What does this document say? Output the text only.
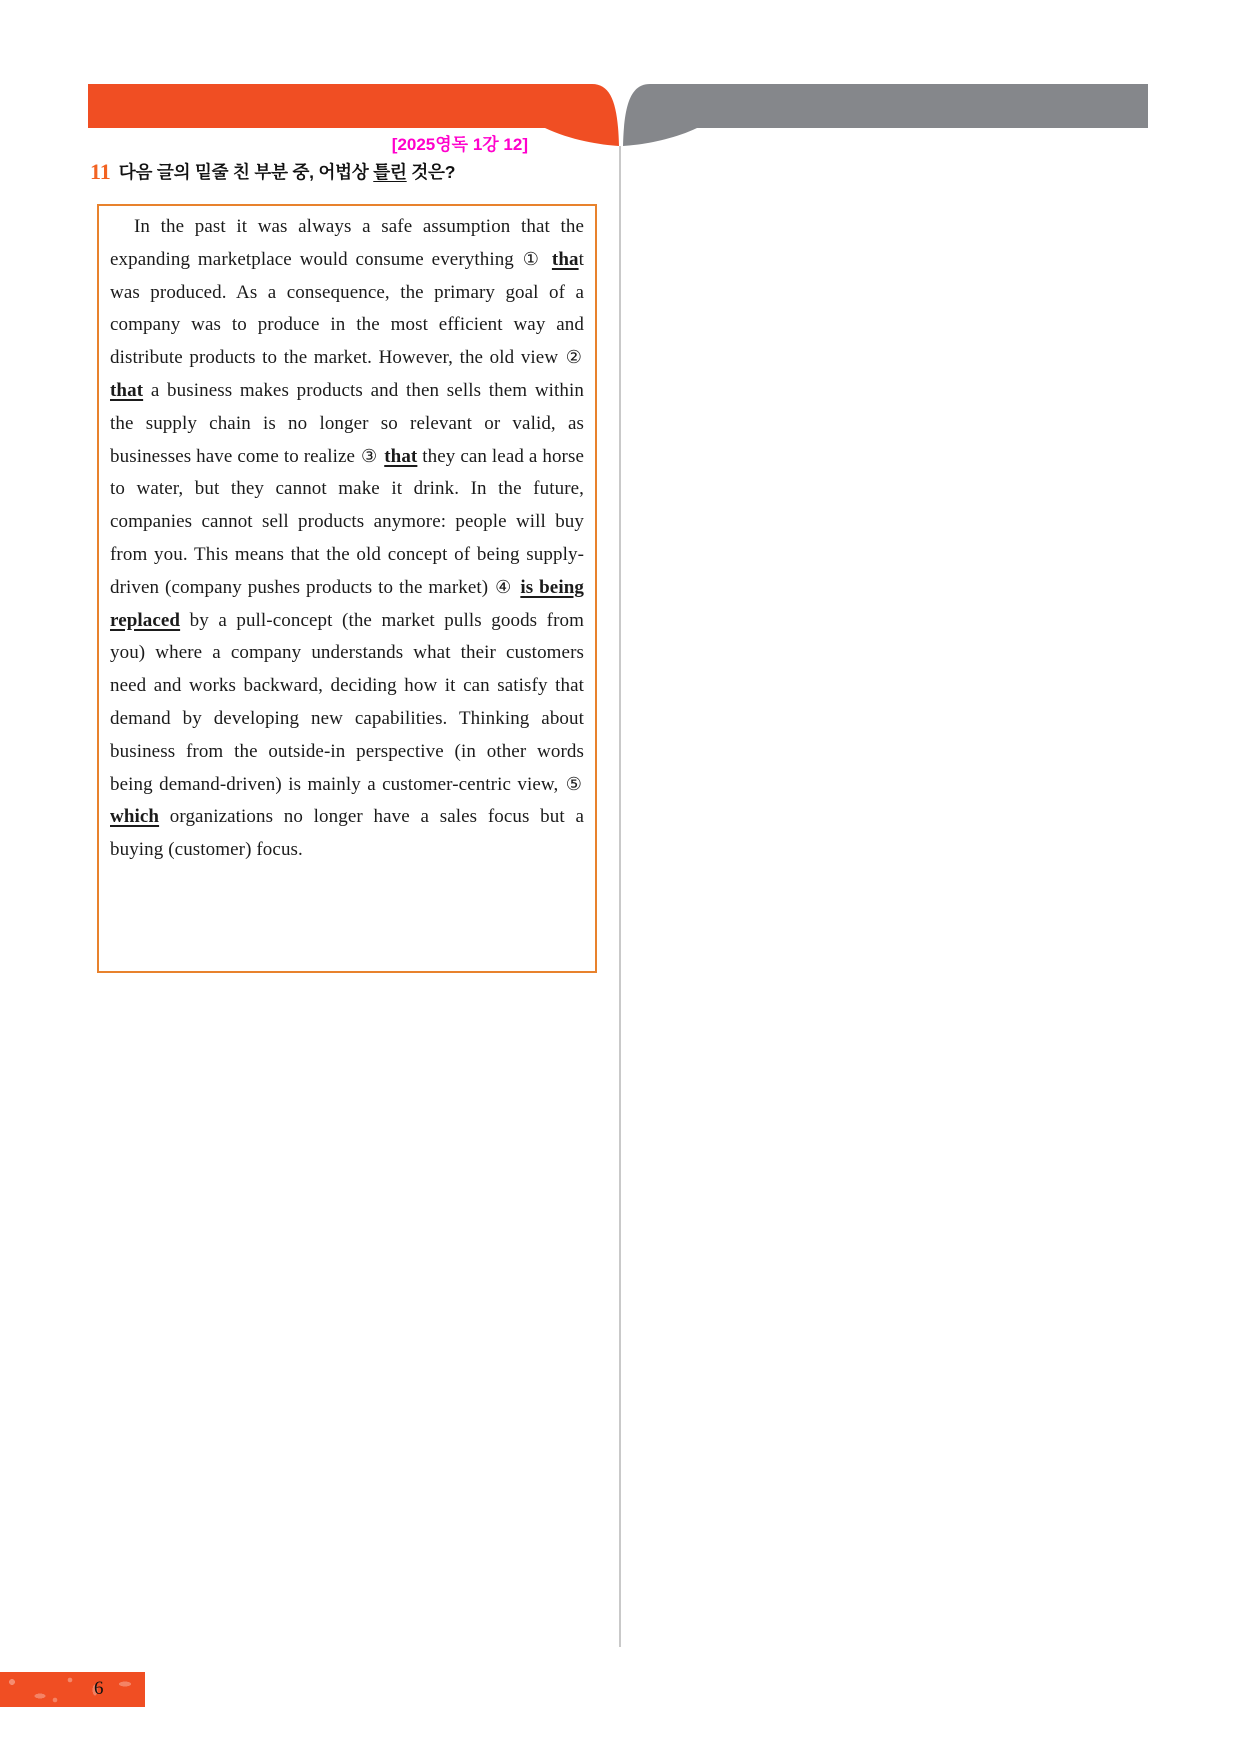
[2025영독 1강 12]
11 다음 글의 밑줄 친 부분 중, 어법상 틀린 것은?
In the past it was always a safe assumption that the expanding marketplace would consume everything ① that was produced. As a consequence, the primary goal of a company was to produce in the most efficient way and distribute products to the market. However, the old view ② that a business makes products and then sells them within the supply chain is no longer so relevant or valid, as businesses have come to realize ③ that they can lead a horse to water, but they cannot make it drink. In the future, companies cannot sell products anymore: people will buy from you. This means that the old concept of being supply-driven (company pushes products to the market) ④ is being replaced by a pull-concept (the market pulls goods from you) where a company understands what their customers need and works backward, deciding how it can satisfy that demand by developing new capabilities. Thinking about business from the outside-in perspective (in other words being demand-driven) is mainly a customer-centric view, ⑤ which organizations no longer have a sales focus but a buying (customer) focus.
6
